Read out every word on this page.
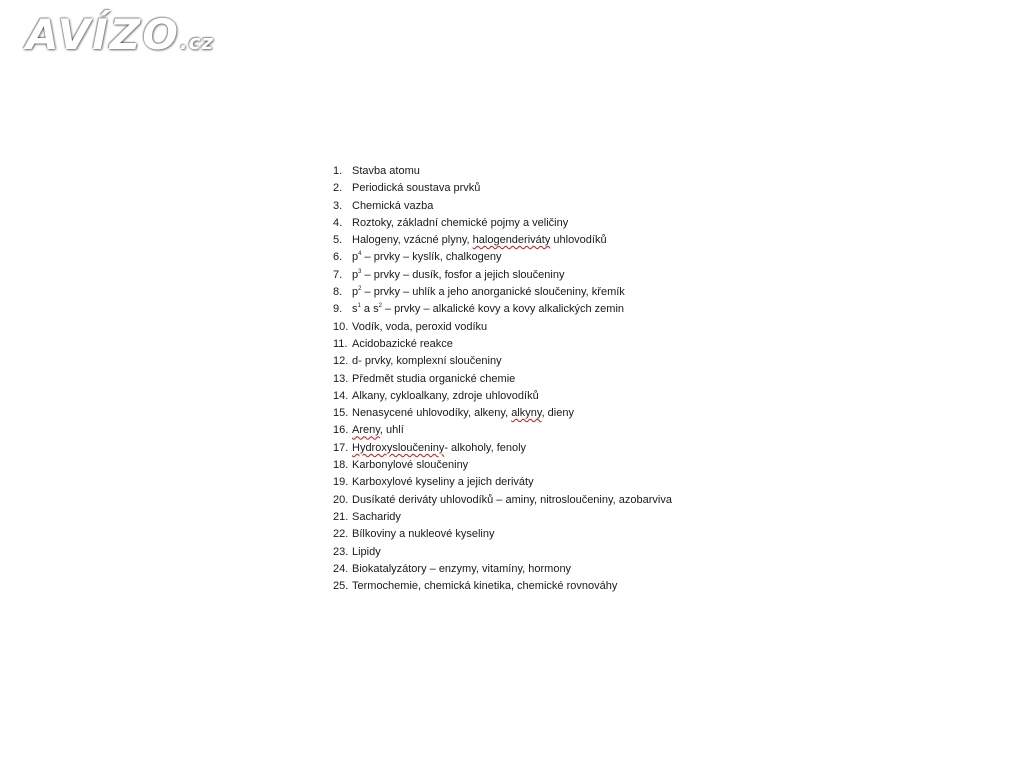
AVÍZO.cz
1. Stavba atomu
2. Periodická soustava prvků
3. Chemická vazba
4. Roztoky, základní chemické pojmy a veličiny
5. Halogeny, vzácné plyny, halogenderiváty uhlovodíků
6. $p^4$ – prvky – kyslík, chalkogeny
7. $p^3$ – prvky – dusík, fosfor a jejich sloučeniny
8. $p^2$ – prvky – uhlík a jeho anorganické sloučeniny, křemík
9. $s^1$ a $s^2$ – prvky – alkalické kovy a kovy alkalických zemin
10. Vodík, voda, peroxid vodíku
11. Acidobazické reakce
12. d- prvky, komplexní sloučeniny
13. Předmět studia organické chemie
14. Alkany, cykloalkany, zdroje uhlovodíků
15. Nenasycené uhlovodíky, alkeny, alkyny, dieny
16. Areny, uhlí
17. Hydroxysloučeniny- alkoholy, fenoly
18. Karbonylové sloučeniny
19. Karboxylové kyseliny a jejich deriváty
20. Dusíkaté deriváty uhlovodíků – aminy, nitrosloučeniny, azobarviva
21. Sacharidy
22. Bílkoviny a nukleové kyseliny
23. Lipidy
24. Biokatalyzátory – enzymy, vitamíny, hormony
25. Termochemie, chemická kinetika, chemické rovnováhy
